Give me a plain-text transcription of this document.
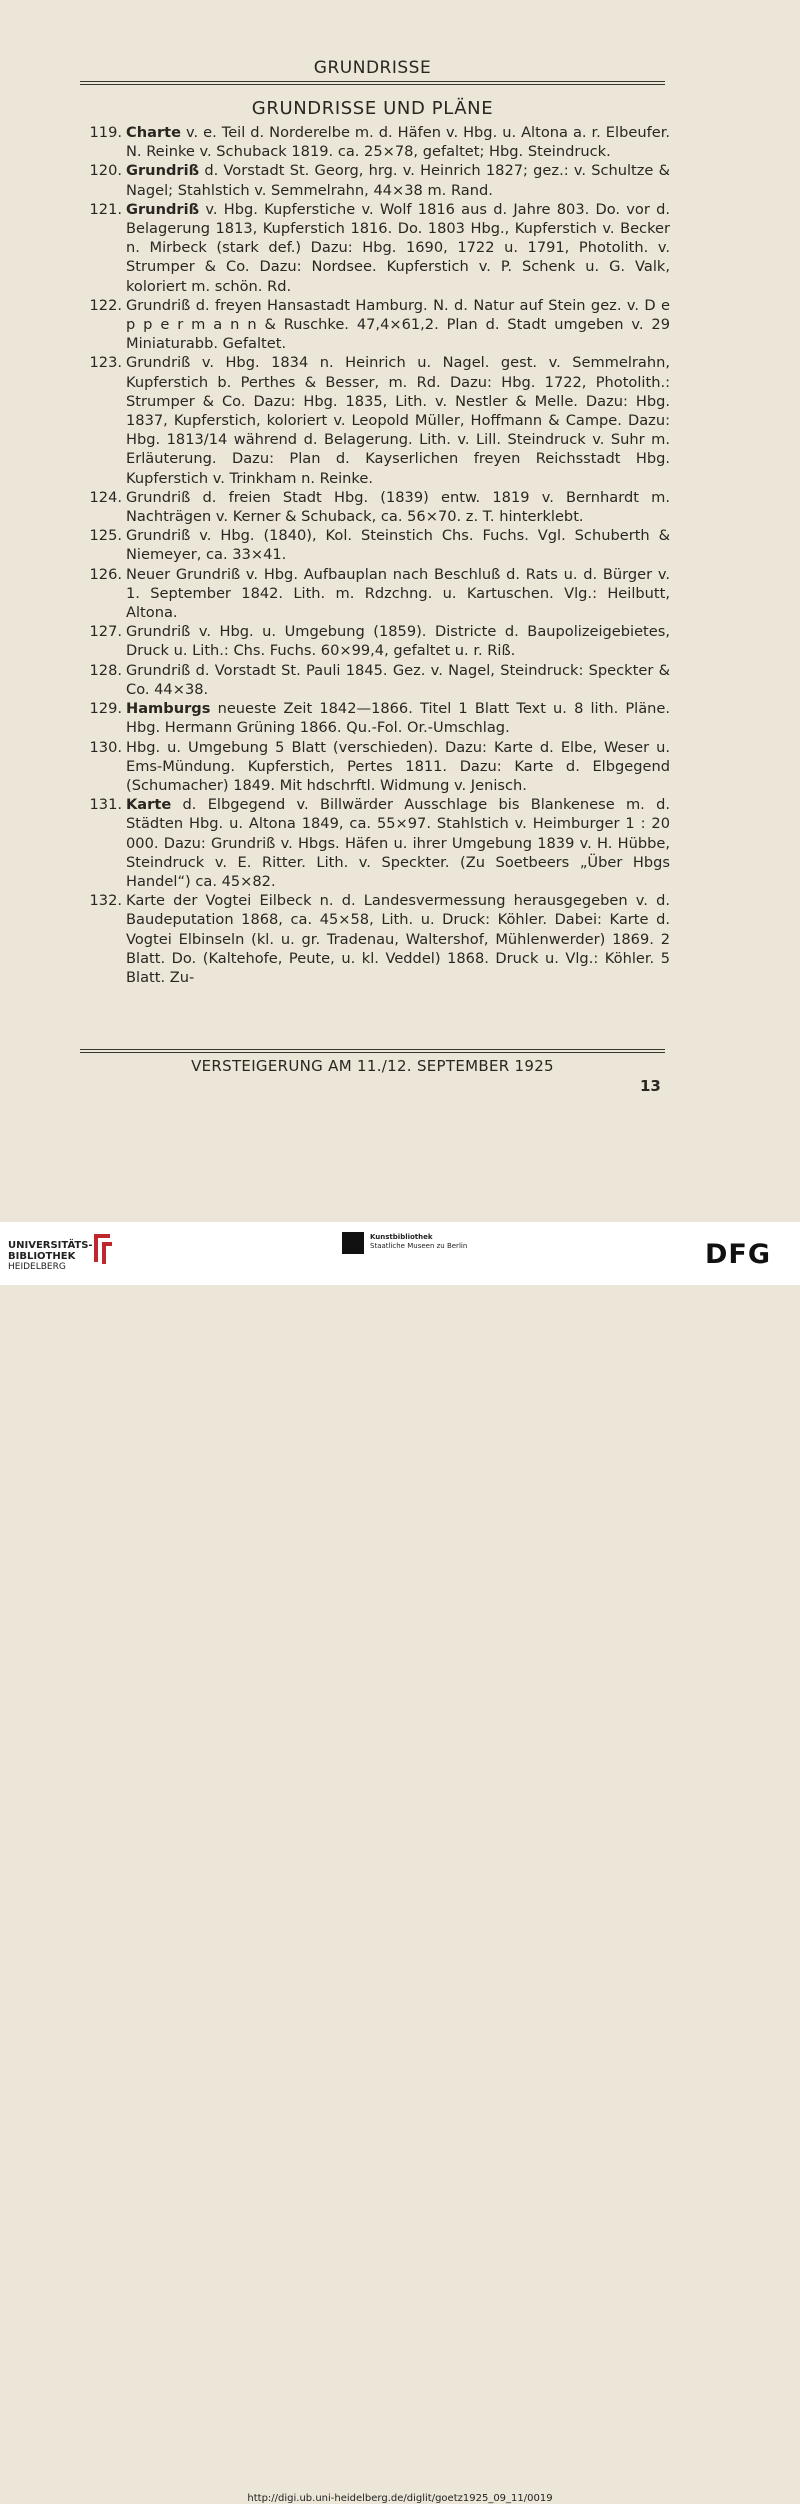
GRUNDRISSE
GRUNDRISSE UND PLÄNE
119. Charte v. e. Teil d. Norderelbe m. d. Häfen v. Hbg. u. Altona a. r. Elbeufer. N. Reinke v. Schuback 1819. ca. 25×78, gefaltet; Hbg. Steindruck.
120. Grundriß d. Vorstadt St. Georg, hrg. v. Heinrich 1827; gez.: v. Schultze & Nagel; Stahlstich v. Semmelrahn, 44×38 m. Rand.
121. Grundriß v. Hbg. Kupferstiche v. Wolf 1816 aus d. Jahre 803. Do. vor d. Belagerung 1813, Kupferstich 1816. Do. 1803 Hbg., Kupferstich v. Becker n. Mirbeck (stark def.) Dazu: Hbg. 1690, 1722 u. 1791, Photolith. v. Strumper & Co. Dazu: Nordsee. Kupferstich v. P. Schenk u. G. Valk, koloriert m. schön. Rd.
122. Grundriß d. freyen Hansastadt Hamburg. N. d. Natur auf Stein gez. v. D e p p e r m a n n & Ruschke. 47,4×61,2. Plan d. Stadt umgeben v. 29 Miniaturabb. Gefaltet.
123. Grundriß v. Hbg. 1834 n. Heinrich u. Nagel. gest. v. Semmelrahn, Kupferstich b. Perthes & Besser, m. Rd. Dazu: Hbg. 1722, Photolith.: Strumper & Co. Dazu: Hbg. 1835, Lith. v. Nestler & Melle. Dazu: Hbg. 1837, Kupferstich, koloriert v. Leopold Müller, Hoffmann & Campe. Dazu: Hbg. 1813/14 während d. Belagerung. Lith. v. Lill. Steindruck v. Suhr m. Erläuterung. Dazu: Plan d. Kayserlichen freyen Reichsstadt Hbg. Kupferstich v. Trinkham n. Reinke.
124. Grundriß d. freien Stadt Hbg. (1839) entw. 1819 v. Bernhardt m. Nachträgen v. Kerner & Schuback, ca. 56×70. z. T. hinterklebt.
125. Grundriß v. Hbg. (1840), Kol. Steinstich Chs. Fuchs. Vgl. Schuberth & Niemeyer, ca. 33×41.
126. Neuer Grundriß v. Hbg. Aufbauplan nach Beschluß d. Rats u. d. Bürger v. 1. September 1842. Lith. m. Rdzchng. u. Kartuschen. Vlg.: Heilbutt, Altona.
127. Grundriß v. Hbg. u. Umgebung (1859). Districte d. Baupolizeigebietes, Druck u. Lith.: Chs. Fuchs. 60×99,4, gefaltet u. r. Riß.
128. Grundriß d. Vorstadt St. Pauli 1845. Gez. v. Nagel, Steindruck: Speckter & Co. 44×38.
129. Hamburgs neueste Zeit 1842—1866. Titel 1 Blatt Text u. 8 lith. Pläne. Hbg. Hermann Grüning 1866. Qu.-Fol. Or.-Umschlag.
130. Hbg. u. Umgebung 5 Blatt (verschieden). Dazu: Karte d. Elbe, Weser u. Ems-Mündung. Kupferstich, Pertes 1811. Dazu: Karte d. Elbgegend (Schumacher) 1849. Mit hdschrftl. Widmung v. Jenisch.
131. Karte d. Elbgegend v. Billwärder Ausschlage bis Blankenese m. d. Städten Hbg. u. Altona 1849, ca. 55×97. Stahlstich v. Heimburger 1 : 20 000. Dazu: Grundriß v. Hbgs. Häfen u. ihrer Umgebung 1839 v. H. Hübbe, Steindruck v. E. Ritter. Lith. v. Speckter. (Zu Soetbeers „Über Hbgs Handel“) ca. 45×82.
132. Karte der Vogtei Eilbeck n. d. Landesvermessung herausgegeben v. d. Baudeputation 1868, ca. 45×58, Lith. u. Druck: Köhler. Dabei: Karte d. Vogtei Elbinseln (kl. u. gr. Tradenau, Waltershof, Mühlenwerder) 1869. 2 Blatt. Do. (Kaltehofe, Peute, u. kl. Veddel) 1868. Druck u. Vlg.: Köhler. 5 Blatt. Zu-
VERSTEIGERUNG AM 11./12. SEPTEMBER 1925
13
UNIVERSITÄTS-
BIBLIOTHEK
HEIDELBERG
Kunstbibliothek
Staatliche Museen zu Berlin	DFG
http://digi.ub.uni-heidelberg.de/diglit/goetz1925_09_11/0019
